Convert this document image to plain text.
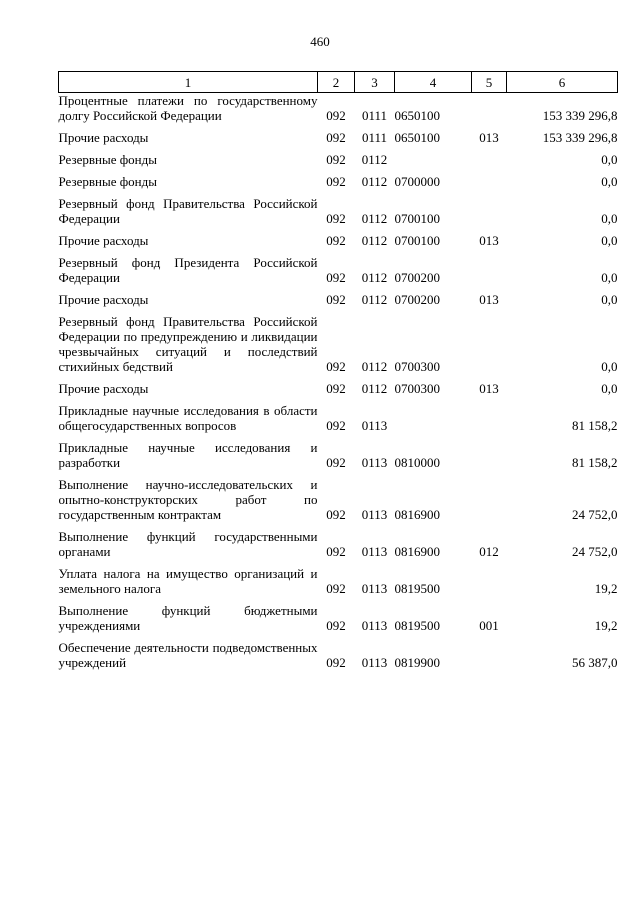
460
1	2	3	4	5	6
Процентные платежи по государственному долгу Российской Федерации	092	0111	0650100		153 339 296,8

Прочие расходы	092	0111	0650100	013	153 339 296,8

Резервные фонды	092	0112			0,0

Резервные фонды	092	0112	0700000		0,0

Резервный фонд Правительства Российской Федерации	092	0112	0700100		0,0

Прочие расходы	092	0112	0700100	013	0,0

Резервный фонд Президента Российской Федерации	092	0112	0700200		0,0

Прочие расходы	092	0112	0700200	013	0,0

Резервный фонд Правительства Российской Федерации по предупреждению и ликвидации чрезвычайных ситуаций и последствий стихийных бедствий	092	0112	0700300		0,0

Прочие расходы	092	0112	0700300	013	0,0

Прикладные научные исследования в области общегосударственных вопросов	092	0113			81 158,2

Прикладные научные исследования и разработки	092	0113	0810000		81 158,2

Выполнение научно-исследовательских и опытно-конструкторских работ по государственным контрактам	092	0113	0816900		24 752,0

Выполнение функций государственными органами	092	0113	0816900	012	24 752,0

Уплата налога на имущество организаций и земельного налога	092	0113	0819500		19,2

Выполнение функций бюджетными учреждениями	092	0113	0819500	001	19,2

Обеспечение деятельности подведомственных учреждений	092	0113	0819900		56 387,0
